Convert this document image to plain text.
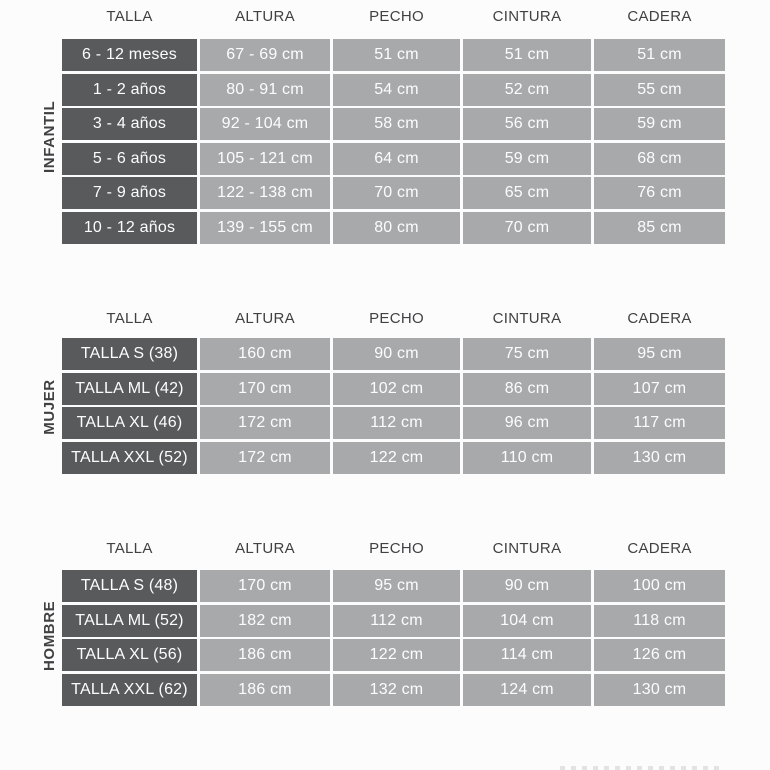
TALLA	ALTURA	PECHO	CINTURA	CADERA
6 - 12 meses	67 - 69 cm	51 cm	51 cm	51 cm
1 - 2 años	80 - 91 cm	54 cm	52 cm	55 cm
3 - 4 años	92 - 104 cm	58 cm	56 cm	59 cm
5 - 6 años	105 - 121 cm	64 cm	59 cm	68 cm
7 - 9 años	122 - 138 cm	70 cm	65 cm	76 cm
10 - 12 años	139 - 155 cm	80 cm	70 cm	85 cm
TALLA	ALTURA	PECHO	CINTURA	CADERA
TALLA S (38)	160 cm	90 cm	75 cm	95 cm
TALLA ML (42)	170 cm	102 cm	86 cm	107 cm
TALLA XL (46)	172 cm	112 cm	96 cm	117 cm
TALLA XXL (52)	172 cm	122 cm	110 cm	130 cm
TALLA	ALTURA	PECHO	CINTURA	CADERA
TALLA S (48)	170 cm	95 cm	90 cm	100 cm
TALLA ML (52)	182 cm	112 cm	104 cm	118 cm
TALLA XL (56)	186 cm	122 cm	114 cm	126 cm
TALLA XXL (62)	186 cm	132 cm	124 cm	130 cm
INFANTIL
MUJER
HOMBRE
